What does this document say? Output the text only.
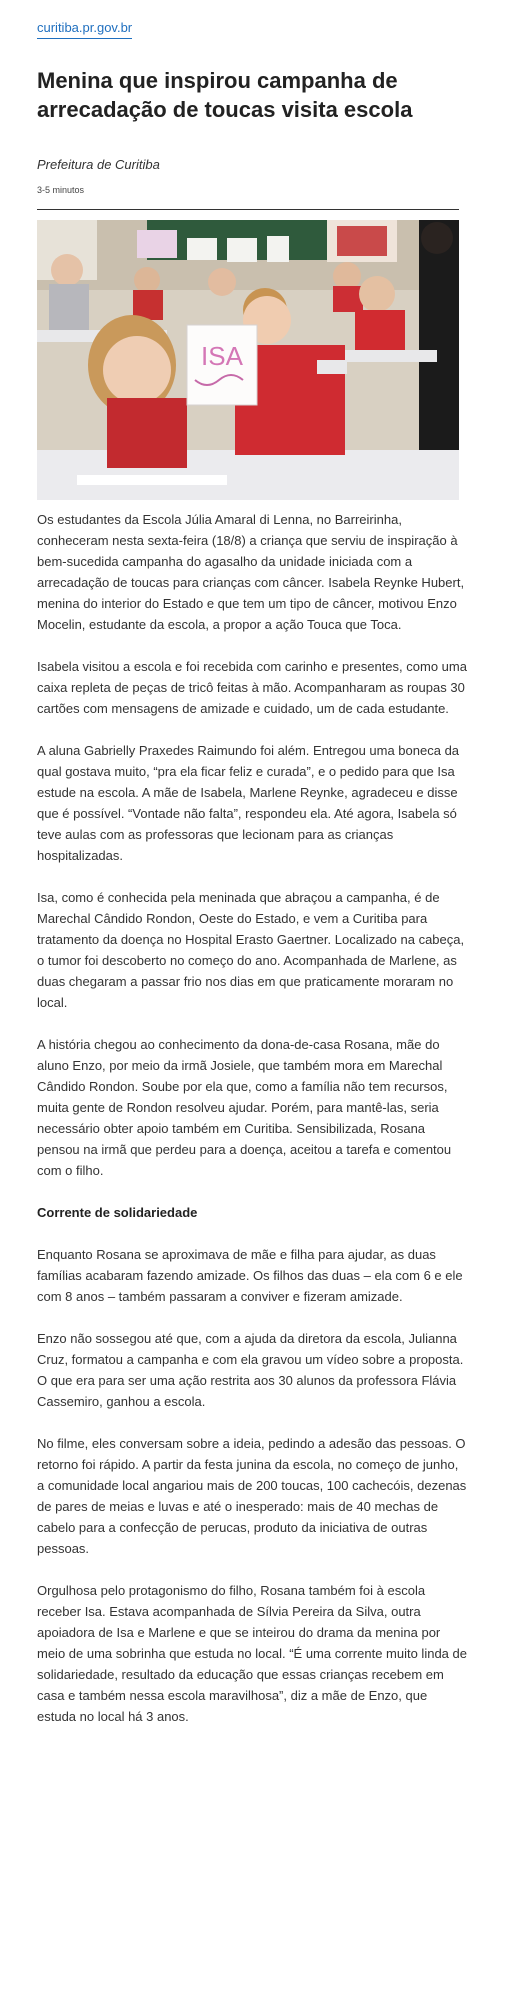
curitiba.pr.gov.br
Menina que inspirou campanha de arrecadação de toucas visita escola
Prefeitura de Curitiba
3-5 minutos
ISA

Os estudantes da Escola Júlia Amaral di Lenna, no Barreirinha, conheceram nesta sexta-feira (18/8) a criança que serviu de inspiração à bem-sucedida campanha do agasalho da unidade iniciada com a arrecadação de toucas para crianças com câncer. Isabela Reynke Hubert, menina do interior do Estado e que tem um tipo de câncer, motivou Enzo Mocelin, estudante da escola, a propor a ação Touca que Toca.

Isabela visitou a escola e foi recebida com carinho e presentes, como uma caixa repleta de peças de tricô feitas à mão. Acompanharam as roupas 30 cartões com mensagens de amizade e cuidado, um de cada estudante.

A aluna Gabrielly Praxedes Raimundo foi além. Entregou uma boneca da qual gostava muito, “pra ela ficar feliz e curada”, e o pedido para que Isa estude na escola. A mãe de Isabela, Marlene Reynke, agradeceu e disse que é possível. “Vontade não falta”, respondeu ela. Até agora, Isabela só teve aulas com as professoras que lecionam para as crianças hospitalizadas.

Isa, como é conhecida pela meninada que abraçou a campanha, é de Marechal Cândido Rondon, Oeste do Estado, e vem a Curitiba para tratamento da doença no Hospital Erasto Gaertner. Localizado na cabeça, o tumor foi descoberto no começo do ano. Acompanhada de Marlene, as duas chegaram a passar frio nos dias em que praticamente moraram no local.

A história chegou ao conhecimento da dona-de-casa Rosana, mãe do aluno Enzo, por meio da irmã Josiele, que também mora em Marechal Cândido Rondon. Soube por ela que, como a família não tem recursos, muita gente de Rondon resolveu ajudar. Porém, para mantê-las, seria necessário obter apoio também em Curitiba. Sensibilizada, Rosana pensou na irmã que perdeu para a doença, aceitou a tarefa e comentou com o filho.

Corrente de solidariedade

Enquanto Rosana se aproximava de mãe e filha para ajudar, as duas famílias acabaram fazendo amizade. Os filhos das duas – ela com 6 e ele com 8 anos – também passaram a conviver e fizeram amizade.

Enzo não sossegou até que, com a ajuda da diretora da escola, Julianna Cruz, formatou a campanha e com ela gravou um vídeo sobre a proposta. O que era para ser uma ação restrita aos 30 alunos da professora Flávia Cassemiro, ganhou a escola.

No filme, eles conversam sobre a ideia, pedindo a adesão das pessoas. O retorno foi rápido. A partir da festa junina da escola, no começo de junho, a comunidade local angariou mais de 200 toucas, 100 cachecóis, dezenas de pares de meias e luvas e até o inesperado: mais de 40 mechas de cabelo para a confecção de perucas, produto da iniciativa de outras pessoas.

Orgulhosa pelo protagonismo do filho, Rosana também foi à escola receber Isa. Estava acompanhada de Sílvia Pereira da Silva, outra apoiadora de Isa e Marlene e que se inteirou do drama da menina por meio de uma sobrinha que estuda no local. “É uma corrente muito linda de solidariedade, resultado da educação que essas crianças recebem em casa e também nessa escola maravilhosa”, diz a mãe de Enzo, que estuda no local há 3 anos.
